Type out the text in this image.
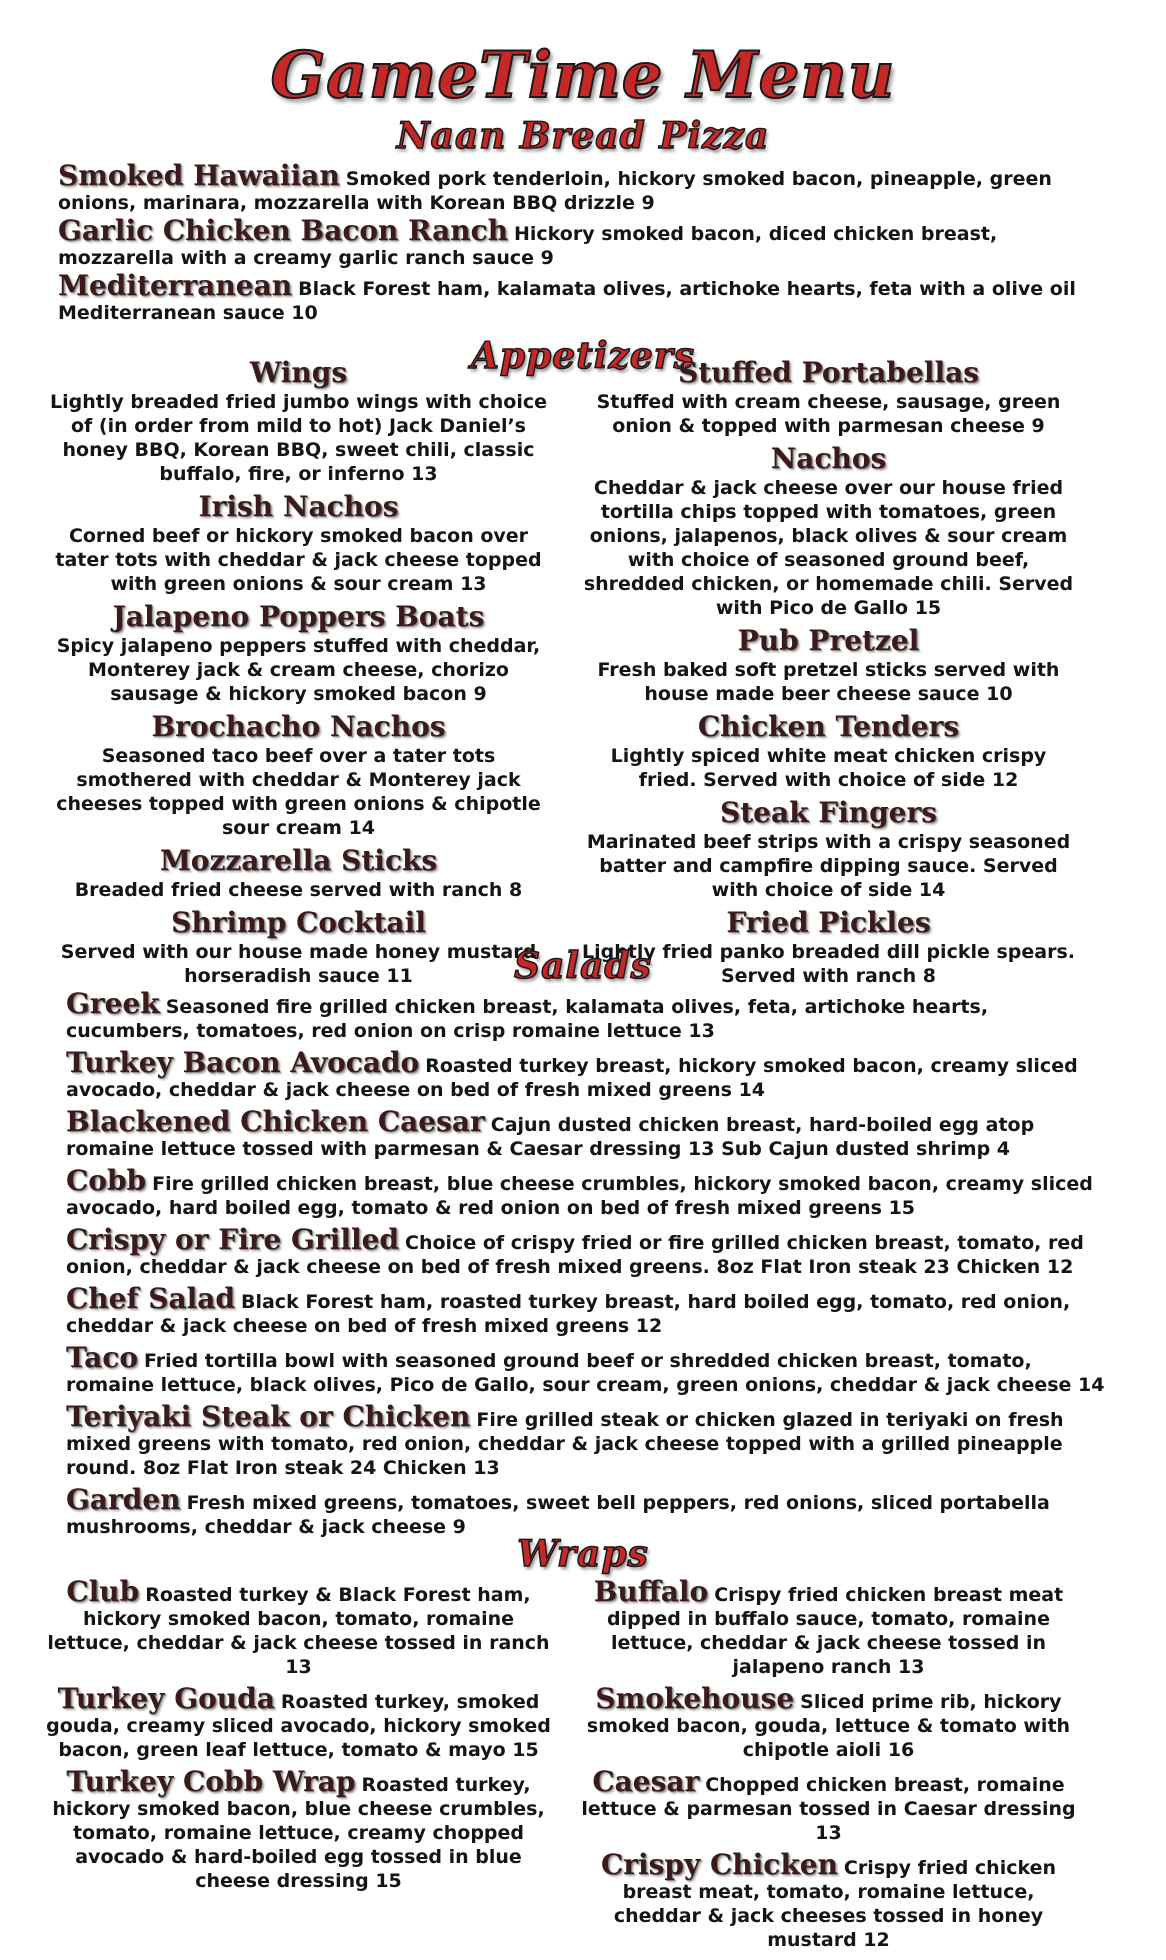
GameTime Menu
Naan Bread Pizza

Smoked Hawaiian Smoked pork tenderloin, hickory smoked bacon, pineapple, green onions, marinara, mozzarella with Korean BBQ drizzle 9

Garlic Chicken Bacon Ranch Hickory smoked bacon, diced chicken breast, mozzarella with a creamy garlic ranch sauce 9

Mediterranean Black Forest ham, kalamata olives, artichoke hearts, feta with a olive oil Mediterranean sauce 10

Appetizers
Wings
Lightly breaded fried jumbo wings with choice of (in order from mild to hot) Jack Daniel’s honey BBQ, Korean BBQ, sweet chili, classic buffalo, fire, or inferno 13
Irish Nachos
Corned beef or hickory smoked bacon over tater tots with cheddar & jack cheese topped with green onions & sour cream 13
Jalapeno Poppers Boats
Spicy jalapeno peppers stuffed with cheddar, Monterey jack & cream cheese, chorizo sausage & hickory smoked bacon 9
Brochacho Nachos
Seasoned taco beef over a tater tots smothered with cheddar & Monterey jack cheeses topped with green onions & chipotle sour cream 14
Mozzarella Sticks
Breaded fried cheese served with ranch 8
Shrimp Cocktail
Served with our house made honey mustard horseradish sauce 11
Stuffed Portabellas
Stuffed with cream cheese, sausage, green onion & topped with parmesan cheese 9
Nachos
Cheddar & jack cheese over our house fried tortilla chips topped with tomatoes, green onions, jalapenos, black olives & sour cream with choice of seasoned ground beef, shredded chicken, or homemade chili. Served with Pico de Gallo 15
Pub Pretzel
Fresh baked soft pretzel sticks served with house made beer cheese sauce 10
Chicken Tenders
Lightly spiced white meat chicken crispy fried. Served with choice of side 12
Steak Fingers
Marinated beef strips with a crispy seasoned batter and campfire dipping sauce. Served with choice of side 14
Fried Pickles
Lightly fried panko breaded dill pickle spears. Served with ranch 8
Salads

Greek Seasoned fire grilled chicken breast, kalamata olives, feta, artichoke hearts, cucumbers, tomatoes, red onion on crisp romaine lettuce 13

Turkey Bacon Avocado Roasted turkey breast, hickory smoked bacon, creamy sliced avocado, cheddar & jack cheese on bed of fresh mixed greens 14

Blackened Chicken Caesar Cajun dusted chicken breast, hard-boiled egg atop romaine lettuce tossed with parmesan & Caesar dressing 13 Sub Cajun dusted shrimp 4

Cobb Fire grilled chicken breast, blue cheese crumbles, hickory smoked bacon, creamy sliced avocado, hard boiled egg, tomato & red onion on bed of fresh mixed greens 15

Crispy or Fire Grilled Choice of crispy fried or fire grilled chicken breast, tomato, red onion, cheddar & jack cheese on bed of fresh mixed greens. 8oz Flat Iron steak 23 Chicken 12

Chef Salad Black Forest ham, roasted turkey breast, hard boiled egg, tomato, red onion, cheddar & jack cheese on bed of fresh mixed greens 12

Taco Fried tortilla bowl with seasoned ground beef or shredded chicken breast, tomato, romaine lettuce, black olives, Pico de Gallo, sour cream, green onions, cheddar & jack cheese 14

Teriyaki Steak or Chicken Fire grilled steak or chicken glazed in teriyaki on fresh mixed greens with tomato, red onion, cheddar & jack cheese topped with a grilled pineapple round. 8oz Flat Iron steak 24 Chicken 13

Garden Fresh mixed greens, tomatoes, sweet bell peppers, red onions, sliced portabella mushrooms, cheddar & jack cheese 9

Wraps
Club Roasted turkey & Black Forest ham, hickory smoked bacon, tomato, romaine lettuce, cheddar & jack cheese tossed in ranch 13
Turkey Gouda Roasted turkey, smoked gouda, creamy sliced avocado, hickory smoked bacon, green leaf lettuce, tomato & mayo 15
Turkey Cobb Wrap Roasted turkey, hickory smoked bacon, blue cheese crumbles, tomato, romaine lettuce, creamy chopped avocado & hard-boiled egg tossed in blue cheese dressing 15
Buffalo Crispy fried chicken breast meat dipped in buffalo sauce, tomato, romaine lettuce, cheddar & jack cheese tossed in jalapeno ranch 13
Smokehouse Sliced prime rib, hickory smoked bacon, gouda, lettuce & tomato with chipotle aioli 16
Caesar Chopped chicken breast, romaine lettuce & parmesan tossed in Caesar dressing 13
Crispy Chicken Crispy fried chicken breast meat, tomato, romaine lettuce, cheddar & jack cheeses tossed in honey mustard 12
